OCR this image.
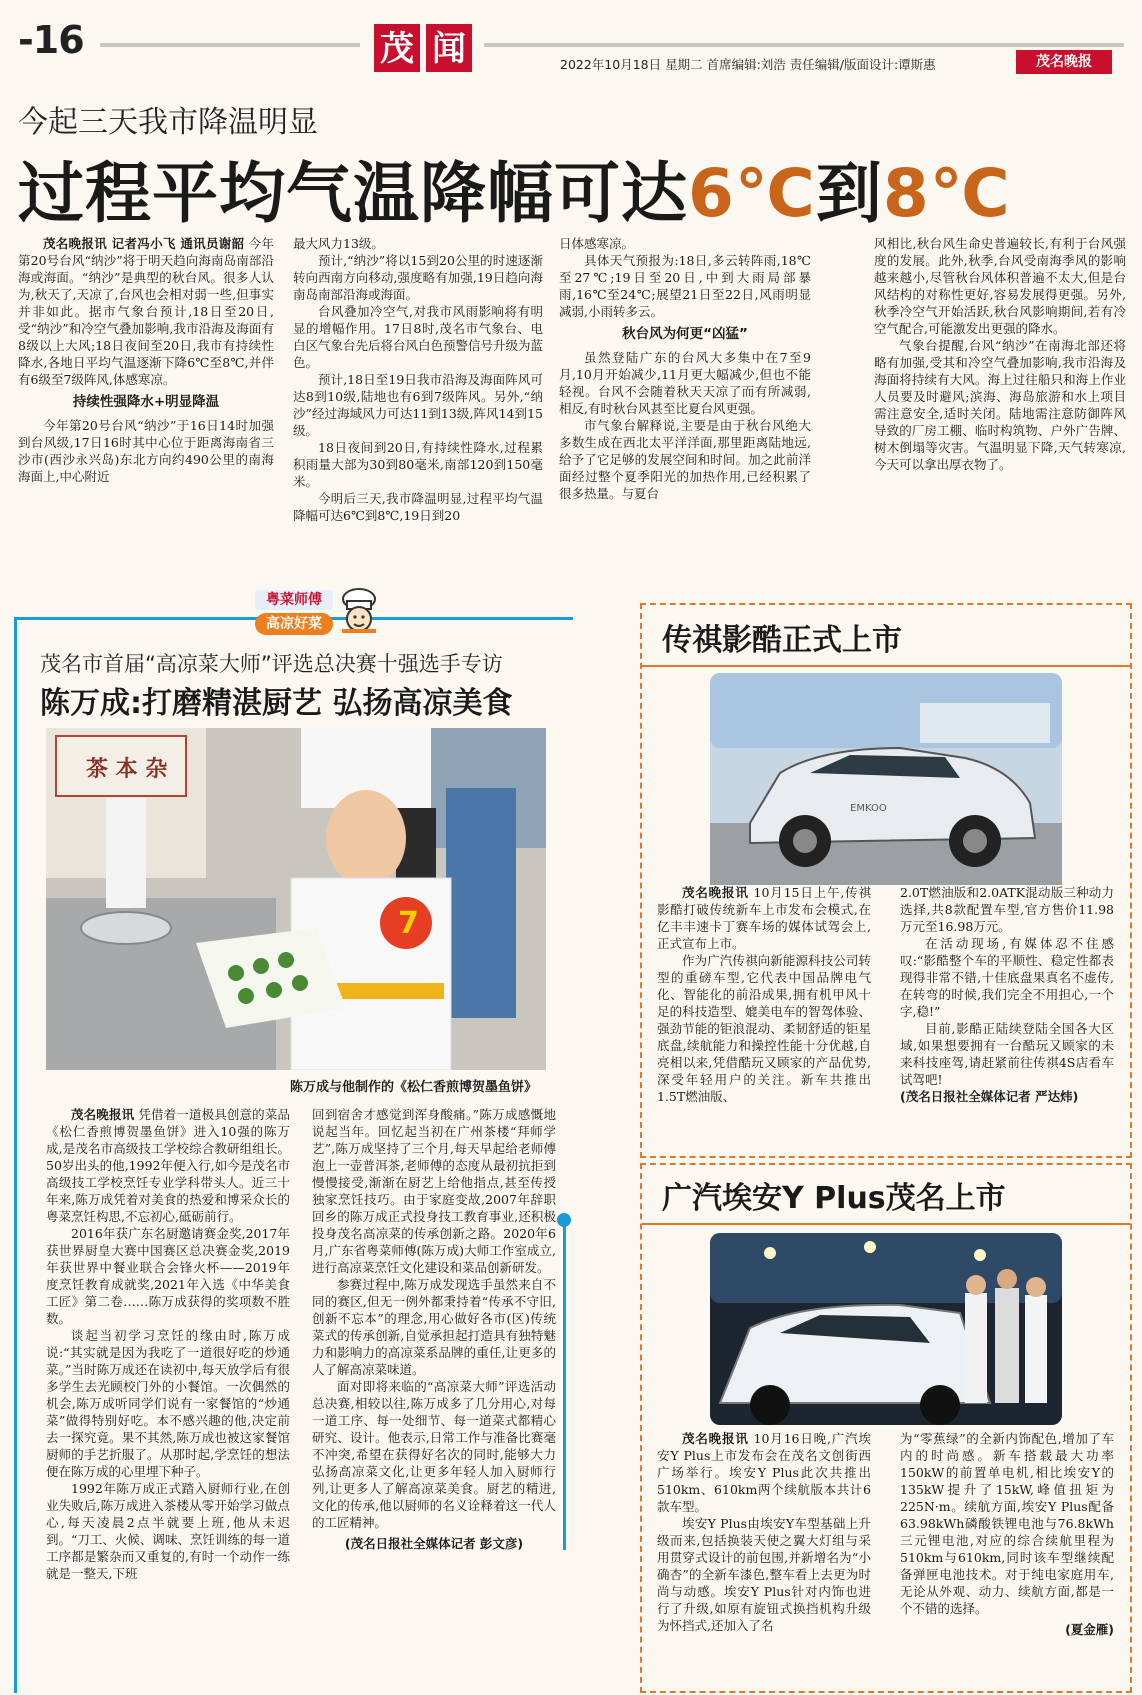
-16	茂 闻	2022年10月18日 星期二 首席编辑:刘浩 责任编辑/版面设计:谭斯惠	茂名晚报
今起三天我市降温明显
过程平均气温降幅可达6℃到8℃

茂名晚报讯 记者冯小飞 通讯员谢韶 今年第20号台风“纳沙”将于明天趋向海南岛南部沿海或海面。“纳沙”是典型的秋台风。很多人认为,秋天了,天凉了,台风也会相对弱一些,但事实并非如此。据市气象台预计,18日至20日,受“纳沙”和冷空气叠加影响,我市沿海及海面有8级以上大风;18日夜间至20日,我市有持续性降水,各地日平均气温逐渐下降6℃至8℃,并伴有6级至7级阵风,体感寒凉。

持续性强降水+明显降温

今年第20号台风“纳沙”于16日14时加强到台风级,17日16时其中心位于距离海南省三沙市(西沙永兴岛)东北方向约490公里的南海海面上,中心附近

最大风力13级。

预计,“纳沙”将以15到20公里的时速逐渐转向西南方向移动,强度略有加强,19日趋向海南岛南部沿海或海面。

台风叠加冷空气,对我市风雨影响将有明显的增幅作用。17日8时,茂名市气象台、电白区气象台先后将台风白色预警信号升级为蓝色。

预计,18日至19日我市沿海及海面阵风可达8到10级,陆地也有6到7级阵风。另外,“纳沙”经过海域风力可达11到13级,阵风14到15级。

18日夜间到20日,有持续性降水,过程累积雨量大部为30到80毫米,南部120到150毫米。

今明后三天,我市降温明显,过程平均气温降幅可达6℃到8℃,19日到20

日体感寒凉。

具体天气预报为:18日,多云转阵雨,18℃至27℃;19日至20日,中到大雨局部暴雨,16℃至24℃;展望21日至22日,风雨明显减弱,小雨转多云。

秋台风为何更“凶猛”

虽然登陆广东的台风大多集中在7至9月,10月开始减少,11月更大幅减少,但也不能轻视。台风不会随着秋天天凉了而有所减弱,相反,有时秋台风甚至比夏台风更强。

市气象台解释说,主要是由于秋台风绝大多数生成在西北太平洋洋面,那里距离陆地远,给予了它足够的发展空间和时间。加之此前洋面经过整个夏季阳光的加热作用,已经积累了很多热量。与夏台

风相比,秋台风生命史普遍较长,有利于台风强度的发展。此外,秋季,台风受南海季风的影响越来越小,尽管秋台风体积普遍不太大,但是台风结构的对称性更好,容易发展得更强。另外,秋季冷空气开始活跃,秋台风影响期间,若有冷空气配合,可能激发出更强的降水。

气象台提醒,台风“纳沙”在南海北部还将略有加强,受其和冷空气叠加影响,我市沿海及海面将持续有大风。海上过往船只和海上作业人员要及时避风;滨海、海岛旅游和水上项目需注意安全,适时关闭。陆地需注意防御阵风导致的厂房工棚、临时构筑物、户外广告牌、树木倒塌等灾害。气温明显下降,天气转寒凉,今天可以拿出厚衣物了。

粤菜师傅
高凉好菜
茂名市首届“高凉菜大师”评选总决赛十强选手专访
陈万成:打磨精湛厨艺 弘扬高凉美食
茶 本 杂
7
陈万成与他制作的《松仁香煎博贺墨鱼饼》

茂名晚报讯 凭借着一道极具创意的菜品《松仁香煎博贺墨鱼饼》进入10强的陈万成,是茂名市高级技工学校综合教研组组长。50岁出头的他,1992年便入行,如今是茂名市高级技工学校烹饪专业学科带头人。近三十年来,陈万成凭着对美食的热爱和博采众长的粤菜烹饪构思,不忘初心,砥砺前行。

2016年获广东名厨邀请赛金奖,2017年获世界厨皇大赛中国赛区总决赛金奖,2019年获世界中餐业联合会锋火杯——2019年度烹饪教育成就奖,2021年入选《中华美食工匠》第二卷……陈万成获得的奖项数不胜数。

谈起当初学习烹饪的缘由时,陈万成说:“其实就是因为我吃了一道很好吃的炒通菜。”当时陈万成还在读初中,每天放学后有很多学生去光顾校门外的小餐馆。一次偶然的机会,陈万成听同学们说有一家餐馆的“炒通菜”做得特别好吃。本不感兴趣的他,决定前去一探究竟。果不其然,陈万成也被这家餐馆厨师的手艺折服了。从那时起,学烹饪的想法便在陈万成的心里埋下种子。

1992年陈万成正式踏入厨师行业,在创业失败后,陈万成进入茶楼从零开始学习做点心,每天凌晨2点半就要上班,他从未迟到。“刀工、火候、调味、烹饪训练的每一道工序都是繁杂而又重复的,有时一个动作一练就是一整天,下班

回到宿舍才感觉到浑身酸痛。”陈万成感慨地说起当年。回忆起当初在广州茶楼“拜师学艺”,陈万成坚持了三个月,每天早起给老师傅泡上一壶普洱茶,老师傅的态度从最初抗拒到慢慢接受,渐渐在厨艺上给他指点,甚至传授独家烹饪技巧。由于家庭变故,2007年辞职回乡的陈万成正式投身技工教育事业,还积极投身茂名高凉菜的传承创新之路。2020年6月,广东省粤菜师傅(陈万成)大师工作室成立,进行高凉菜烹饪文化建设和菜品创新研发。

参赛过程中,陈万成发现选手虽然来自不同的赛区,但无一例外都秉持着“传承不守旧,创新不忘本”的理念,用心做好各市(区)传统菜式的传承创新,自觉承担起打造具有独特魅力和影响力的高凉菜系品牌的重任,让更多的人了解高凉菜味道。

面对即将来临的“高凉菜大师”评选活动总决赛,相较以往,陈万成多了几分用心,对每一道工序、每一处细节、每一道菜式都精心研究、设计。他表示,日常工作与准备比赛毫不冲突,希望在获得好名次的同时,能够大力弘扬高凉菜文化,让更多年轻人加入厨师行列,让更多人了解高凉菜美食。厨艺的精进,文化的传承,他以厨师的名义诠释着这一代人的工匠精神。

(茂名日报社全媒体记者 彭文彦)

传祺影酷正式上市
EMKOO

茂名晚报讯 10月15日上午,传祺影酷打破传统新车上市发布会模式,在亿丰丰速卡丁赛车场的媒体试驾会上,正式宣布上市。

作为广汽传祺向新能源科技公司转型的重磅车型,它代表中国品牌电气化、智能化的前沿成果,拥有机甲风十足的科技造型、媲美电车的智驾体验、强劲节能的钜浪混动、柔韧舒适的钜星底盘,续航能力和操控性能十分优越,自亮相以来,凭借酷玩又顾家的产品优势,深受年轻用户的关注。新车共推出1.5T燃油版、

2.0T燃油版和2.0ATK混动版三种动力选择,共8款配置车型,官方售价11.98万元至16.98万元。

在活动现场,有媒体忍不住感叹:“影酷整个车的平顺性、稳定性都表现得非常不错,十佳底盘果真名不虚传,在转弯的时候,我们完全不用担心,一个字,稳!”

目前,影酷正陆续登陆全国各大区域,如果想要拥有一台酷玩又顾家的未来科技座驾,请赶紧前往传祺4S店看车试驾吧!

(茂名日报社全媒体记者 严达炜)

广汽埃安Y Plus茂名上市

茂名晚报讯 10月16日晚,广汽埃安Y Plus上市发布会在茂名文创街西广场举行。埃安Y Plus此次共推出510km、610km两个续航版本共计6款车型。

埃安Y Plus由埃安Y车型基础上升级而来,包括换装天使之翼大灯组与采用贯穿式设计的前包围,并新增名为“小确杏”的全新车漆色,整车看上去更为时尚与动感。埃安Y Plus针对内饰也进行了升级,如原有旋钮式换挡机构升级为怀挡式,还加入了名

为“零蕉绿”的全新内饰配色,增加了车内的时尚感。新车搭载最大功率150kW的前置单电机,相比埃安Y的135kW提升了15kW,峰值扭矩为225N·m。续航方面,埃安Y Plus配备63.98kWh磷酸铁锂电池与76.8kWh三元锂电池,对应的综合续航里程为510km与610km,同时该车型继续配备弹匣电池技术。对于纯电家庭用车,无论从外观、动力、续航方面,都是一个不错的选择。

(夏金雁)
